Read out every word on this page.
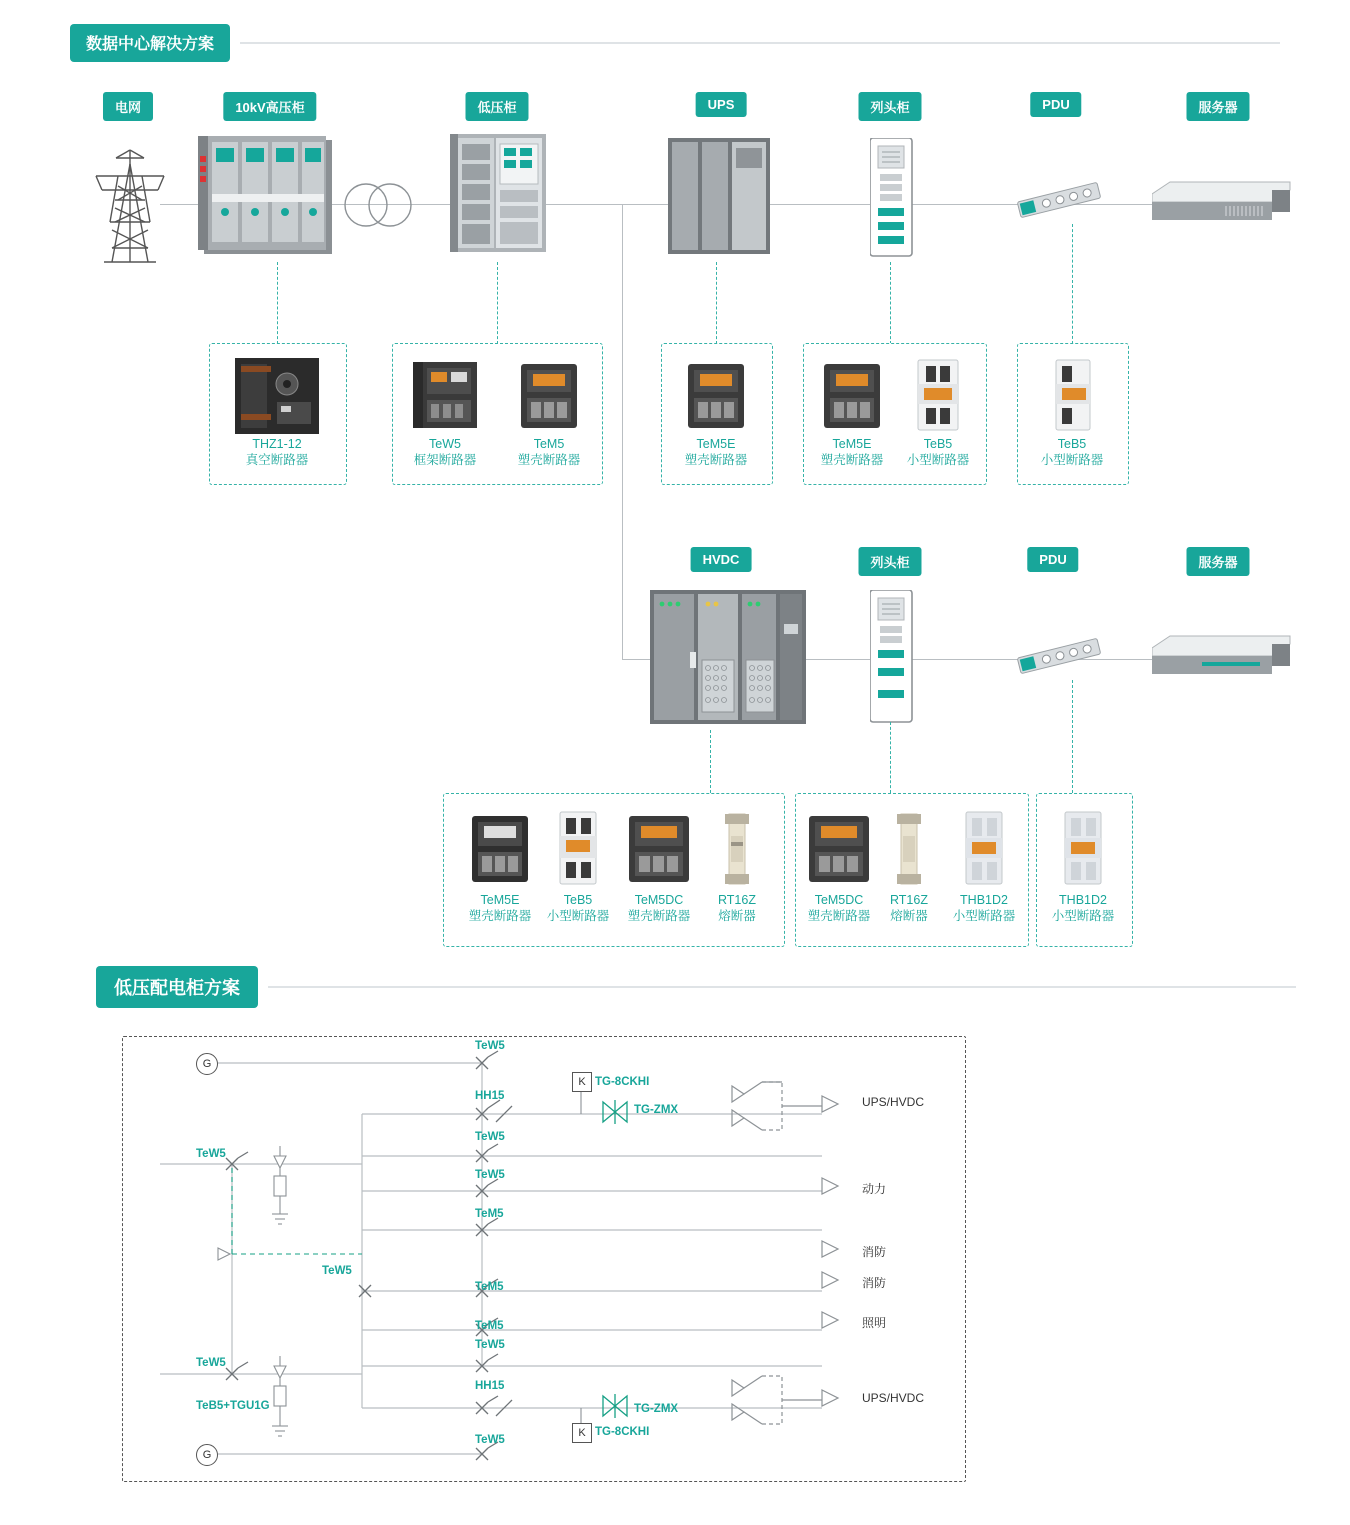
数据中心解决方案
电网	10kV高压柜	低压柜	UPS	列头柜	PDU	服务器
THZ1-12
真空断路器
TeW5
框架断路器
TeM5
塑壳断路器
TeM5E
塑壳断路器
TeM5E
塑壳断路器
TeB5
小型断路器
TeB5
小型断路器
HVDC	列头柜	PDU	服务器
TeM5E
塑壳断路器
TeB5
小型断路器
TeM5DC
塑壳断路器
RT16Z
熔断器
TeM5DC
塑壳断路器
RT16Z
熔断器
THB1D2
小型断路器
THB1D2
小型断路器
低压配电柜方案
G
G
K
K
TeW5
HH15
TG-8CKHI
TG-ZMX
TeW5
TeW5
TeW5
TeM5
TeW5
TeM5
TeM5
TeW5
TeW5
HH15
TeB5+TGU1G	TG-ZMX
TG-8CKHI
TeW5
UPS/HVDC
动力
消防
消防
照明
UPS/HVDC
